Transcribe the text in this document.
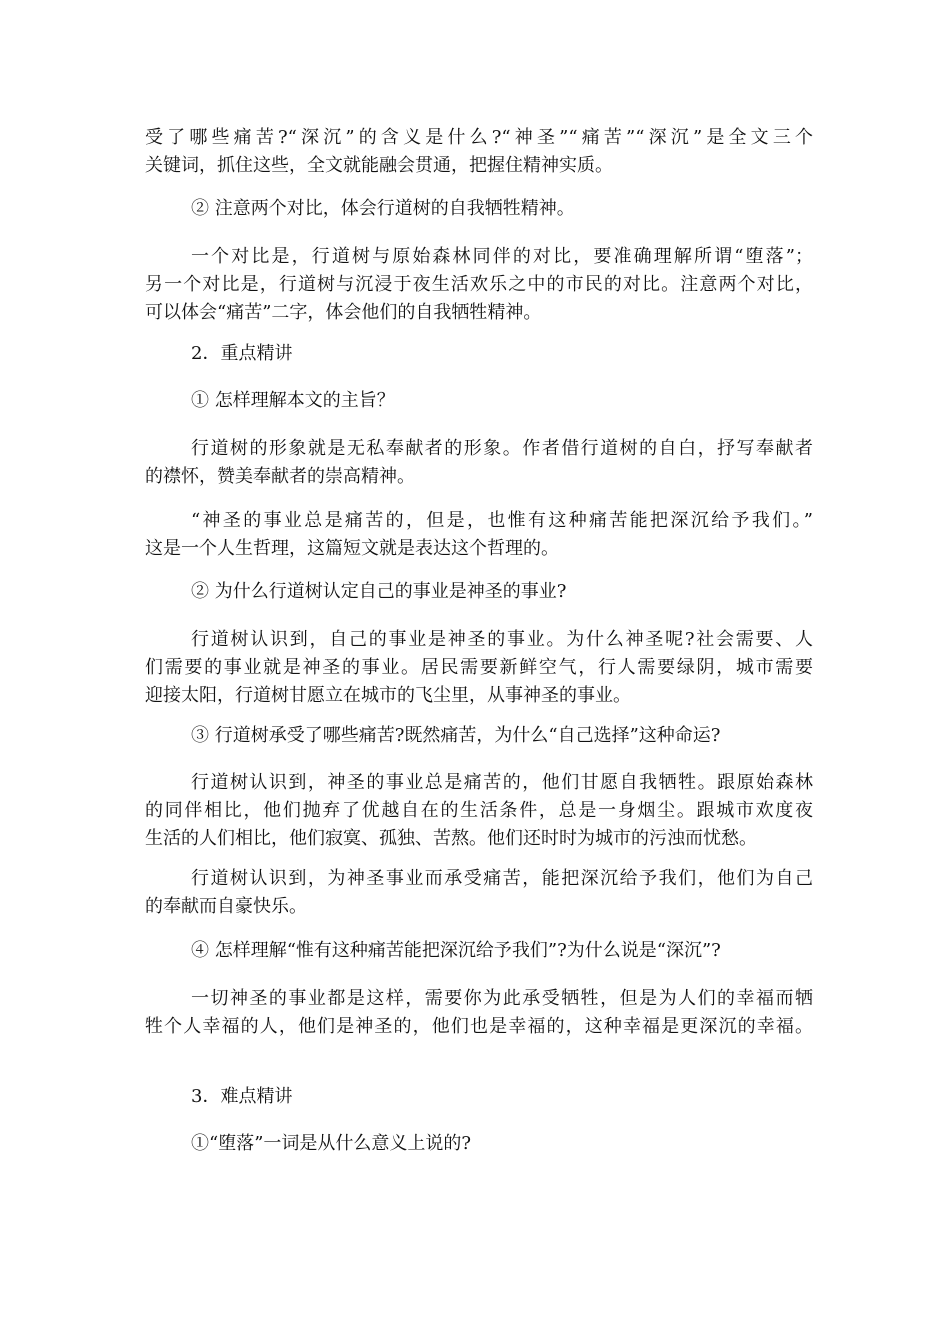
受了哪些痛苦?“深沉”的含义是什么?“神圣”“痛苦”“深沉”是全文三个
关键词，抓住这些，全文就能融会贯通，把握住精神实质。
② 注意两个对比，体会行道树的自我牺牲精神。
一个对比是，行道树与原始森林同伴的对比，要准确理解所谓“堕落”；
另一个对比是，行道树与沉浸于夜生活欢乐之中的市民的对比。注意两个对比，
可以体会“痛苦”二字，体会他们的自我牺牲精神。
2．重点精讲
① 怎样理解本文的主旨？
行道树的形象就是无私奉献者的形象。作者借行道树的自白，抒写奉献者
的襟怀，赞美奉献者的崇高精神。
“神圣的事业总是痛苦的，但是，也惟有这种痛苦能把深沉给予我们。”
这是一个人生哲理，这篇短文就是表达这个哲理的。
② 为什么行道树认定自己的事业是神圣的事业?
行道树认识到，自己的事业是神圣的事业。为什么神圣呢?社会需要、人
们需要的事业就是神圣的事业。居民需要新鲜空气，行人需要绿阴，城市需要
迎接太阳，行道树甘愿立在城市的飞尘里，从事神圣的事业。
③ 行道树承受了哪些痛苦?既然痛苦，为什么“自己选择”这种命运?
行道树认识到，神圣的事业总是痛苦的，他们甘愿自我牺牲。跟原始森林
的同伴相比，他们抛弃了优越自在的生活条件，总是一身烟尘。跟城市欢度夜
生活的人们相比，他们寂寞、孤独、苦熬。他们还时时为城市的污浊而忧愁。
行道树认识到，为神圣事业而承受痛苦，能把深沉给予我们，他们为自己
的奉献而自豪快乐。
④ 怎样理解“惟有这种痛苦能把深沉给予我们”?为什么说是“深沉”?
一切神圣的事业都是这样，需要你为此承受牺牲，但是为人们的幸福而牺
牲个人幸福的人，他们是神圣的，他们也是幸福的，这种幸福是更深沉的幸福。
3．难点精讲
①“堕落”一词是从什么意义上说的?
